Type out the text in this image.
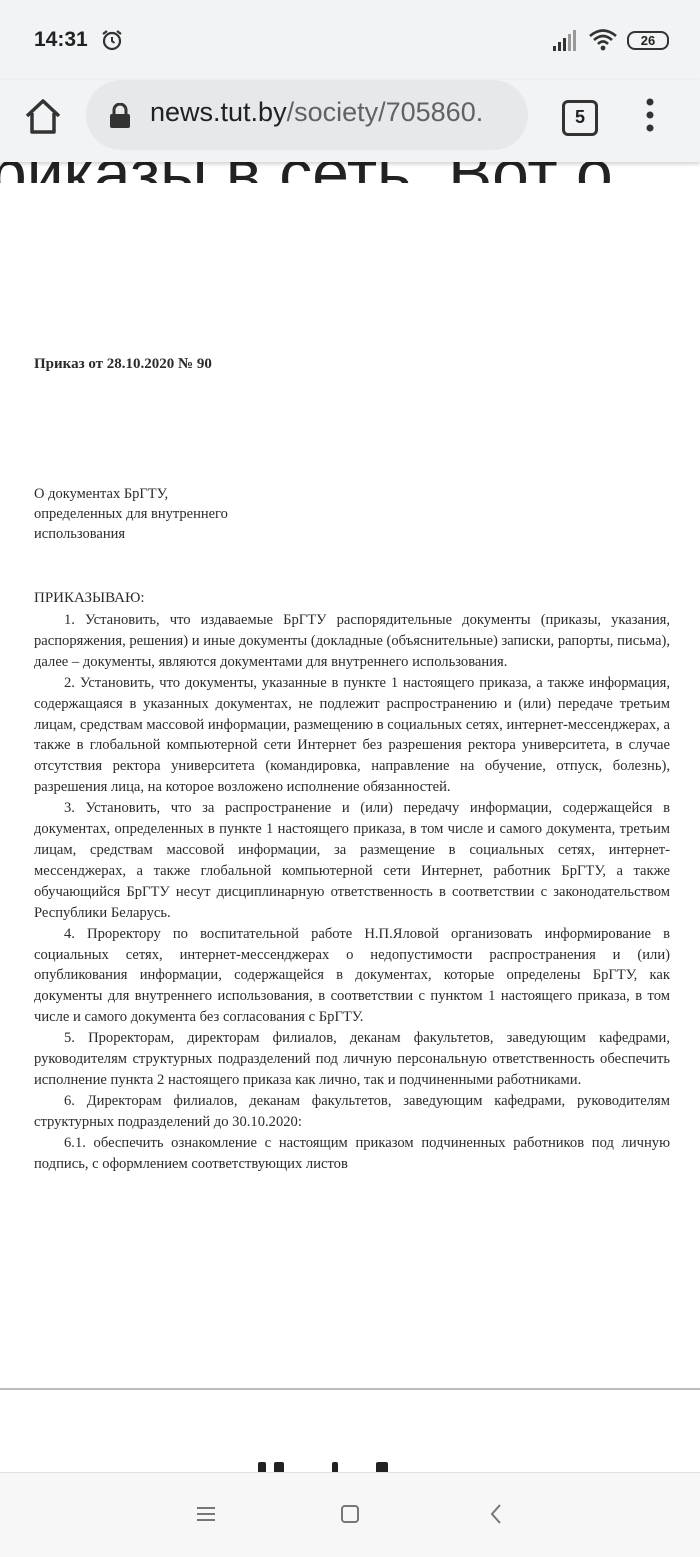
14:31	26
news.tut.by/society/705860.	5
Приказ от 28.10.2020 № 90
О документах БрГТУ,
определенных для внутреннего
использования
ПРИКАЗЫВАЮ:

1. Установить, что издаваемые БрГТУ распорядительные документы (приказы, указания, распоряжения, решения) и иные документы (докладные (объяснительные) записки, рапорты, письма), далее – документы, являются документами для внутреннего использования.

2. Установить, что документы, указанные в пункте 1 настоящего приказа, а также информация, содержащаяся в указанных документах, не подлежит распространению и (или) передаче третьим лицам, средствам массовой информации, размещению в социальных сетях, интернет-мессенджерах, а также в глобальной компьютерной сети Интернет без разрешения ректора университета, в случае отсутствия ректора университета (командировка, направление на обучение, отпуск, болезнь), разрешения лица, на которое возложено исполнение обязанностей.

3. Установить, что за распространение и (или) передачу информации, содержащейся в документах, определенных в пункте 1 настоящего приказа, в том числе и самого документа, третьим лицам, средствам массовой информации, за размещение в социальных сетях, интернет-мессенджерах, а также глобальной компьютерной сети Интернет, работник БрГТУ, а также обучающийся БрГТУ несут дисциплинарную ответственность в соответствии с законодательством Республики Беларусь.

4. Проректору по воспитательной работе Н.П.Яловой организовать информирование в социальных сетях, интернет-мессенджерах о недопустимости распространения и (или) опубликования информации, содержащейся в документах, которые определены БрГТУ, как документы для внутреннего использования, в соответствии с пунктом 1 настоящего приказа, в том числе и самого документа без согласования с БрГТУ.

5. Проректорам, директорам филиалов, деканам факультетов, заведующим кафедрами, руководителям структурных подразделений под личную персональную ответственность обеспечить исполнение пункта 2 настоящего приказа как лично, так и подчиненными работниками.

6. Директорам филиалов, деканам факультетов, заведующим кафедрами, руководителям структурных подразделений до 30.10.2020:

6.1. обеспечить ознакомление с настоящим приказом подчиненных работников под личную подпись, с оформлением соответствующих листов
